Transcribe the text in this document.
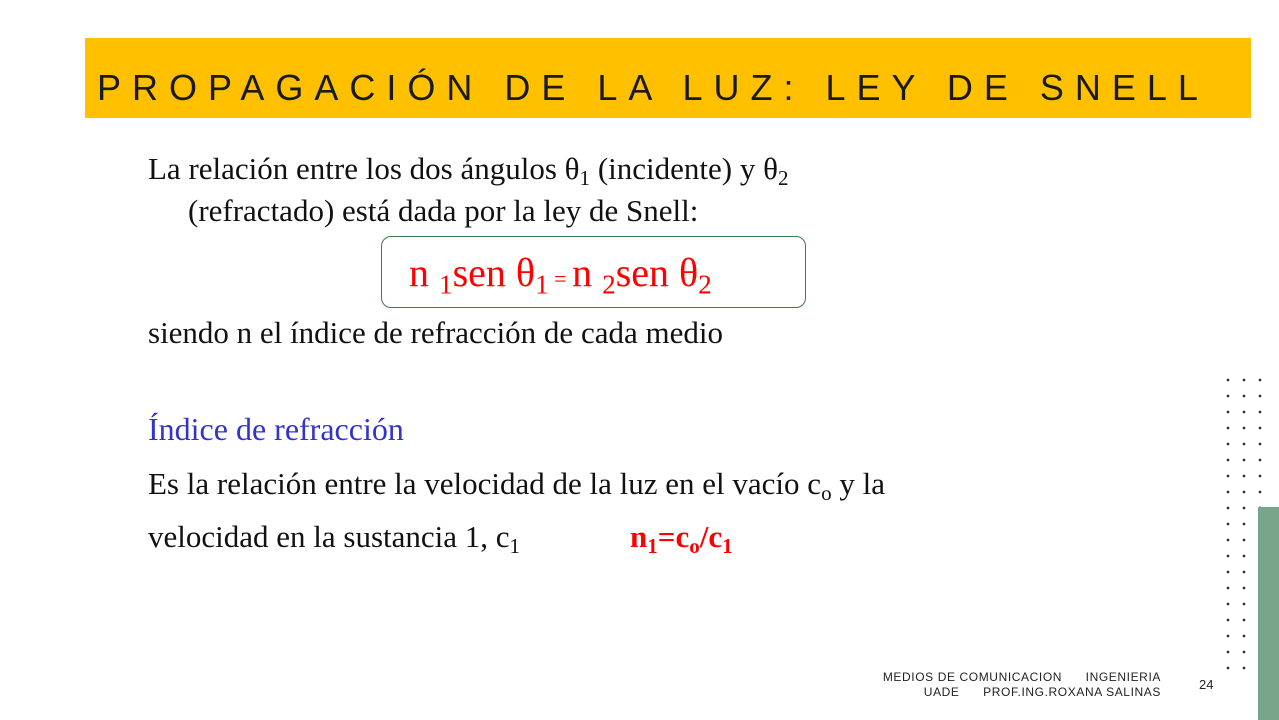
PROPAGACIÓN DE LA LUZ: LEY DE SNELL
La relación entre los dos ángulos $\theta_1$ (incidente) y $\theta_2$
(refractado) está dada por la ley de Snell:
n $_1$sen $\theta_1 = n$ $_2$sen $\theta_2$
siendo n el índice de refracción de cada medio
Índice de refracción
Es la relación entre la velocidad de la luz en el vacío $c_o$ y la
velocidad en la sustancia 1, $c_1$	$n_1=c_o/c_1$
MEDIOS DE COMUNICACION      INGENIERIA
UADE      PROF.ING.ROXANA SALINAS	24
